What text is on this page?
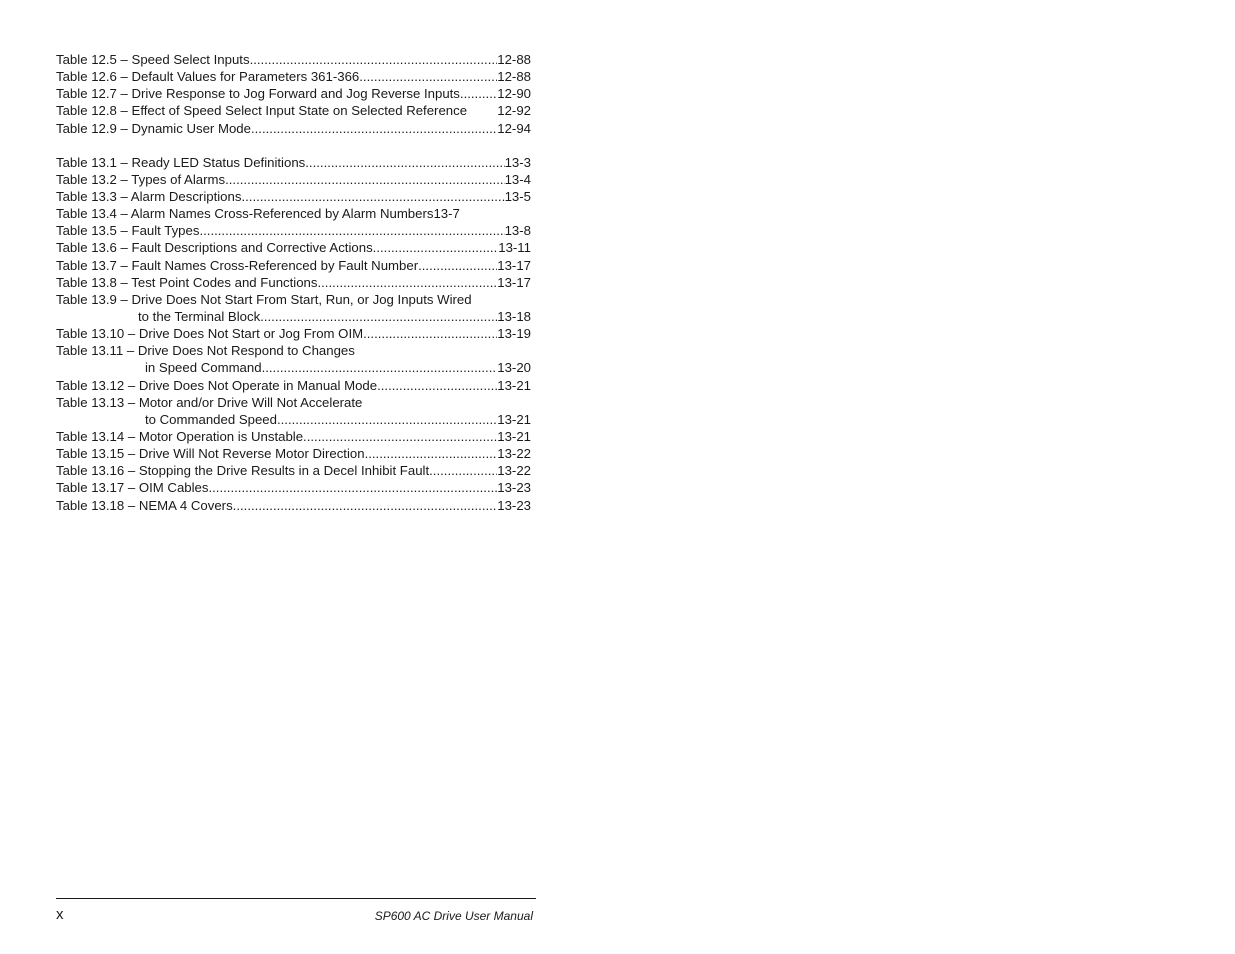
Table 12.5 – Speed Select Inputs .....	12-88
Table 12.6 – Default Values for Parameters 361-366 .....	12-88
Table 12.7 – Drive Response to Jog Forward and Jog Reverse Inputs .....	12-90
Table 12.8 – Effect of Speed Select Input State on Selected Reference 12-92
Table 12.9 – Dynamic User Mode .....	12-94
Table 13.1 – Ready LED Status Definitions .....	13-3
Table 13.2 – Types of Alarms .....	13-4
Table 13.3 – Alarm Descriptions .....	13-5
Table 13.4 – Alarm Names Cross-Referenced by Alarm Numbers 13-7
Table 13.5 – Fault Types .....	13-8
Table 13.6 – Fault Descriptions and Corrective Actions .....	13-11
Table 13.7 – Fault Names Cross-Referenced by Fault Number .....	13-17
Table 13.8 – Test Point Codes and Functions .....	13-17
Table 13.9 – Drive Does Not Start From Start, Run, or Jog Inputs Wired
to the Terminal Block .....	13-18
Table 13.10 – Drive Does Not Start or Jog From OIM .....	13-19
Table 13.11 – Drive Does Not Respond to Changes
in Speed Command .....	13-20
Table 13.12 – Drive Does Not Operate in Manual Mode .....	13-21
Table 13.13 – Motor and/or Drive Will Not Accelerate
to Commanded Speed .....	13-21
Table 13.14 – Motor Operation is Unstable .....	13-21
Table 13.15 – Drive Will Not Reverse Motor Direction .....	13-22
Table 13.16 – Stopping the Drive Results in a Decel Inhibit Fault .....	13-22
Table 13.17 – OIM Cables .....	13-23
Table 13.18 – NEMA 4 Covers .....	13-23
x	SP600 AC Drive User Manual
